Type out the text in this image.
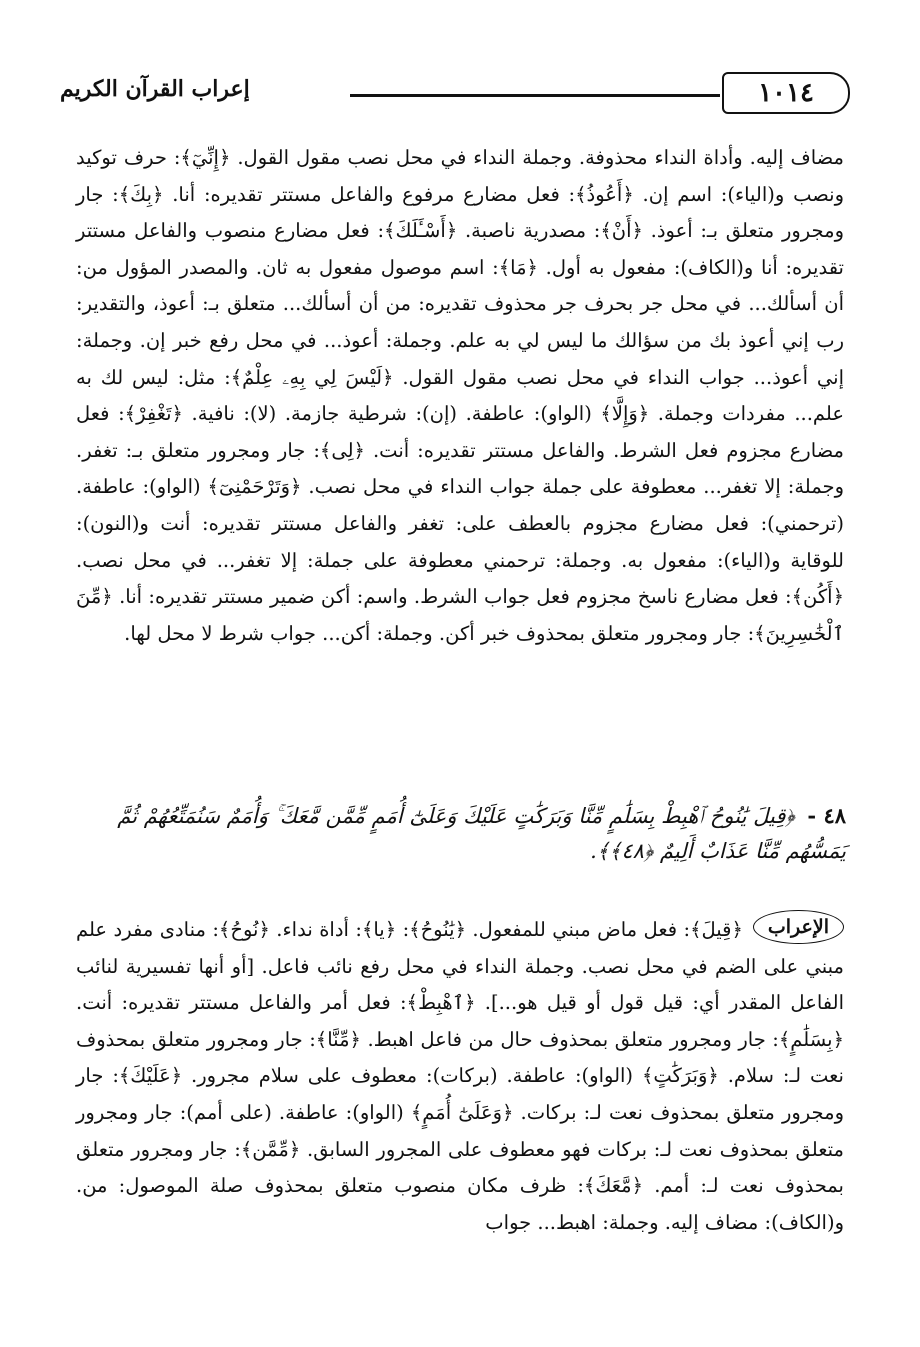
١٠١٤
إعراب القرآن الكريم
مضاف إليه. وأداة النداء محذوفة. وجملة النداء في محل نصب مقول القول. ﴿إِنِّيٓ﴾: حرف توكيد ونصب و(الياء): اسم إن. ﴿أَعُوذُ﴾: فعل مضارع مرفوع والفاعل مستتر تقديره: أنا. ﴿بِكَ﴾: جار ومجرور متعلق بـ: أعوذ. ﴿أَنْ﴾: مصدرية ناصبة. ﴿أَسْـَٔلَكَ﴾: فعل مضارع منصوب والفاعل مستتر تقديره: أنا و(الكاف): مفعول به أول. ﴿مَا﴾: اسم موصول مفعول به ثان. والمصدر المؤول من: أن أسألك... في محل جر بحرف جر محذوف تقديره: من أن أسألك... متعلق بـ: أعوذ، والتقدير: رب إني أعوذ بك من سؤالك ما ليس لي به علم. وجملة: أعوذ... في محل رفع خبر إن. وجملة: إني أعوذ... جواب النداء في محل نصب مقول القول. ﴿لَيْسَ لِي بِهِۦ عِلْمٌ﴾: مثل: ليس لك به علم... مفردات وجملة. ﴿وَإِلَّا﴾ (الواو): عاطفة. (إن): شرطية جازمة. (لا): نافية. ﴿تَغْفِرْ﴾: فعل مضارع مجزوم فعل الشرط. والفاعل مستتر تقديره: أنت. ﴿لِى﴾: جار ومجرور متعلق بـ: تغفر. وجملة: إلا تغفر... معطوفة على جملة جواب النداء في محل نصب. ﴿وَتَرْحَمْنِىٓ﴾ (الواو): عاطفة. (ترحمني): فعل مضارع مجزوم بالعطف على: تغفر والفاعل مستتر تقديره: أنت و(النون): للوقاية و(الياء): مفعول به. وجملة: ترحمني معطوفة على جملة: إلا تغفر... في محل نصب. ﴿أَكُن﴾: فعل مضارع ناسخ مجزوم فعل جواب الشرط. واسم: أكن ضمير مستتر تقديره: أنا. ﴿مِّنَ ٱلْخَٰسِرِينَ﴾: جار ومجرور متعلق بمحذوف خبر أكن. وجملة: أكن... جواب شرط لا محل لها.
٤٨ - ﴿قِيلَ يَٰنُوحُ ٱهْبِطْ بِسَلَٰمٍ مِّنَّا وَبَرَكَٰتٍ عَلَيْكَ وَعَلَىٰٓ أُمَمٍ مِّمَّن مَّعَكَ ۚ وَأُمَمٌ سَنُمَتِّعُهُمْ ثُمَّ يَمَسُّهُم مِّنَّا عَذَابٌ أَلِيمٌ ﴿٤٨﴾﴾.
الإعراب
﴿قِيلَ﴾: فعل ماض مبني للمفعول. ﴿يَٰنُوحُ﴾: ﴿يا﴾: أداة نداء. ﴿نُوحُ﴾: منادى مفرد علم مبني على الضم في محل نصب. وجملة النداء في محل رفع نائب فاعل. [أو أنها تفسيرية لنائب الفاعل المقدر أي: قيل قول أو قيل هو...]. ﴿ٱهْبِطْ﴾: فعل أمر والفاعل مستتر تقديره: أنت. ﴿بِسَلَٰمٍ﴾: جار ومجرور متعلق بمحذوف حال من فاعل اهبط. ﴿مِّنَّا﴾: جار ومجرور متعلق بمحذوف نعت لـ: سلام. ﴿وَبَرَكَٰتٍ﴾ (الواو): عاطفة. (بركات): معطوف على سلام مجرور. ﴿عَلَيْكَ﴾: جار ومجرور متعلق بمحذوف نعت لـ: بركات. ﴿وَعَلَىٰٓ أُمَمٍ﴾ (الواو): عاطفة. (على أمم): جار ومجرور متعلق بمحذوف نعت لـ: بركات فهو معطوف على المجرور السابق. ﴿مِّمَّن﴾: جار ومجرور متعلق بمحذوف نعت لـ: أمم. ﴿مَّعَكَ﴾: ظرف مكان منصوب متعلق بمحذوف صلة الموصول: من. و(الكاف): مضاف إليه. وجملة: اهبط... جواب
